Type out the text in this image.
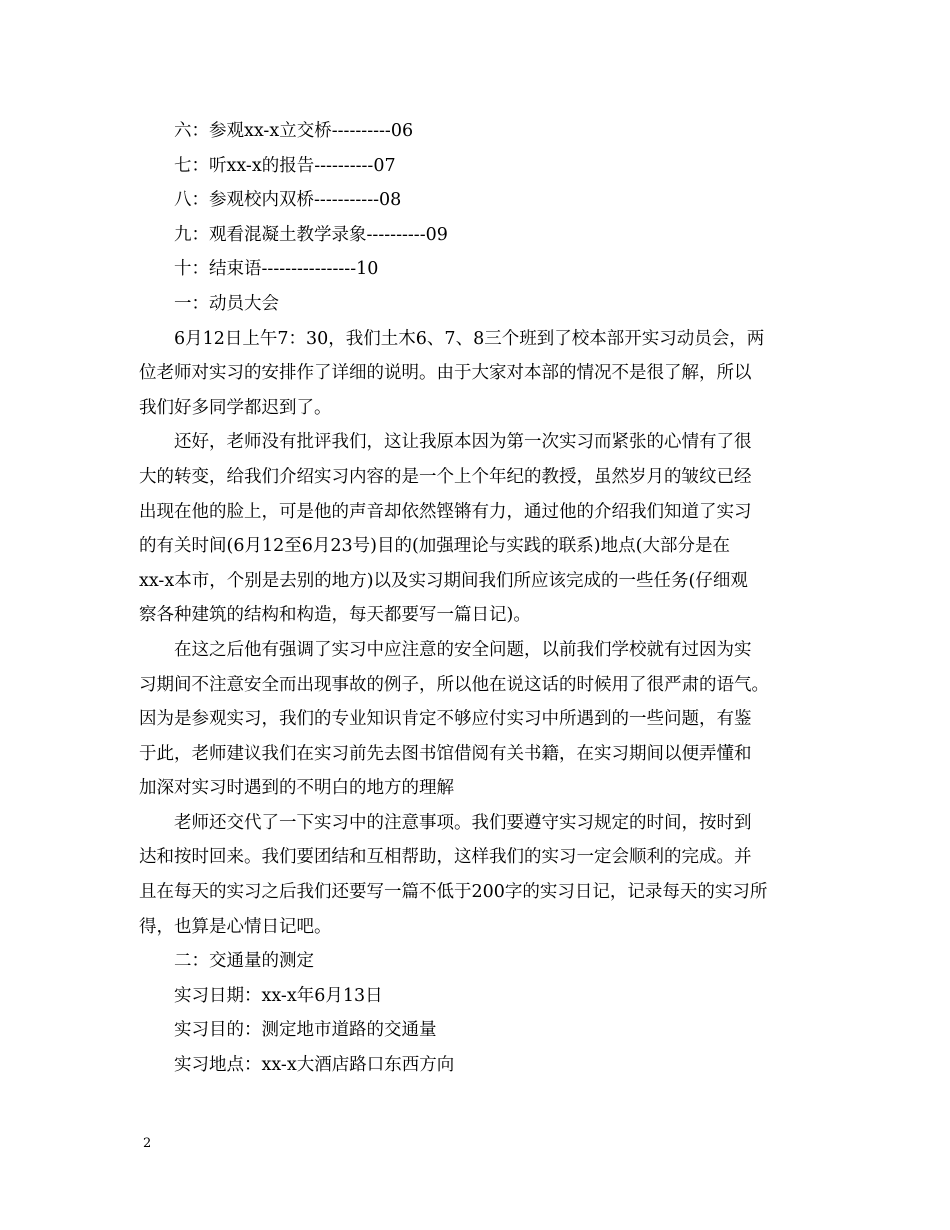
六：参观xx-x立交桥----------06

七：听xx-x的报告----------07

八：参观校内双桥-----------08

九：观看混凝土教学录象----------09

十：结束语----------------10

一：动员大会

6月12日上午7：30，我们土木6、7、8三个班到了校本部开实习动员会，两

位老师对实习的安排作了详细的说明。由于大家对本部的情况不是很了解，所以

我们好多同学都迟到了。

还好，老师没有批评我们，这让我原本因为第一次实习而紧张的心情有了很

大的转变，给我们介绍实习内容的是一个上个年纪的教授，虽然岁月的皱纹已经

出现在他的脸上，可是他的声音却依然铿锵有力，通过他的介绍我们知道了实习

的有关时间(6月12至6月23号)目的(加强理论与实践的联系)地点(大部分是在

xx-x本市，个别是去别的地方)以及实习期间我们所应该完成的一些任务(仔细观

察各种建筑的结构和构造，每天都要写一篇日记)。

在这之后他有强调了实习中应注意的安全问题，以前我们学校就有过因为实

习期间不注意安全而出现事故的例子，所以他在说这话的时候用了很严肃的语气。

因为是参观实习，我们的专业知识肯定不够应付实习中所遇到的一些问题，有鉴

于此，老师建议我们在实习前先去图书馆借阅有关书籍，在实习期间以便弄懂和

加深对实习时遇到的不明白的地方的理解

老师还交代了一下实习中的注意事项。我们要遵守实习规定的时间，按时到

达和按时回来。我们要团结和互相帮助，这样我们的实习一定会顺利的完成。并

且在每天的实习之后我们还要写一篇不低于200字的实习日记，记录每天的实习所

得，也算是心情日记吧。

二：交通量的测定

实习日期：xx-x年6月13日

实习目的：测定地市道路的交通量

实习地点：xx-x大酒店路口东西方向

2
